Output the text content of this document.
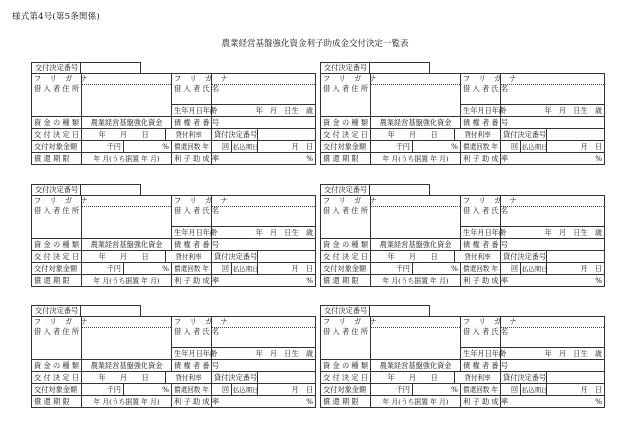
様式第4号(第5条関係)
農業経営基盤強化資金利子助成金交付決定一覧表
交付決定番号
フ リ ガ ナ
借 入 者 住 所				フ リ ガ ナ
借 入 者 氏 名			

				生年月日年齢	年　月　日生　歳		
資 金 の 種 類	農業経営基盤強化資金			債 権 者 番 号			
交 付 決 定 日	年　　月　　日		貸付利率		貸付決定番号		
交付対象金額	千円	%		償還回数 年	回	払込期日	月　日
償 還 期 限	年 月(うち据置 年 月)			利 子 助 成 率	%		
交付決定番号
フ リ ガ ナ
借 入 者 住 所				フ リ ガ ナ
借 入 者 氏 名			

				生年月日年齢	年　月　日生　歳		
資 金 の 種 類	農業経営基盤強化資金			債 権 者 番 号			
交 付 決 定 日	年　　月　　日		貸付利率		貸付決定番号		
交付対象金額	千円	%		償還回数 年	回	払込期日	月　日
償 還 期 限	年 月(うち据置 年 月)			利 子 助 成 率	%		
交付決定番号
フ リ ガ ナ
借 入 者 住 所				フ リ ガ ナ
借 入 者 氏 名			

				生年月日年齢	年　月　日生　歳		
資 金 の 種 類	農業経営基盤強化資金			債 権 者 番 号			
交 付 決 定 日	年　　月　　日		貸付利率		貸付決定番号		
交付対象金額	千円	%		償還回数 年	回	払込期日	月　日
償 還 期 限	年 月(うち据置 年 月)			利 子 助 成 率	%		
交付決定番号
フ リ ガ ナ
借 入 者 住 所				フ リ ガ ナ
借 入 者 氏 名			

				生年月日年齢	年　月　日生　歳		
資 金 の 種 類	農業経営基盤強化資金			債 権 者 番 号			
交 付 決 定 日	年　　月　　日		貸付利率		貸付決定番号		
交付対象金額	千円	%		償還回数 年	回	払込期日	月　日
償 還 期 限	年 月(うち据置 年 月)			利 子 助 成 率	%		
交付決定番号
フ リ ガ ナ
借 入 者 住 所				フ リ ガ ナ
借 入 者 氏 名			

				生年月日年齢	年　月　日生　歳		
資 金 の 種 類	農業経営基盤強化資金			債 権 者 番 号			
交 付 決 定 日	年　　月　　日		貸付利率		貸付決定番号		
交付対象金額	千円	%		償還回数 年	回	払込期日	月　日
償 還 期 限	年 月(うち据置 年 月)			利 子 助 成 率	%		
交付決定番号
フ リ ガ ナ
借 入 者 住 所				フ リ ガ ナ
借 入 者 氏 名			

				生年月日年齢	年　月　日生　歳		
資 金 の 種 類	農業経営基盤強化資金			債 権 者 番 号			
交 付 決 定 日	年　　月　　日		貸付利率		貸付決定番号		
交付対象金額	千円	%		償還回数 年	回	払込期日	月　日
償 還 期 限	年 月(うち据置 年 月)			利 子 助 成 率	%		
